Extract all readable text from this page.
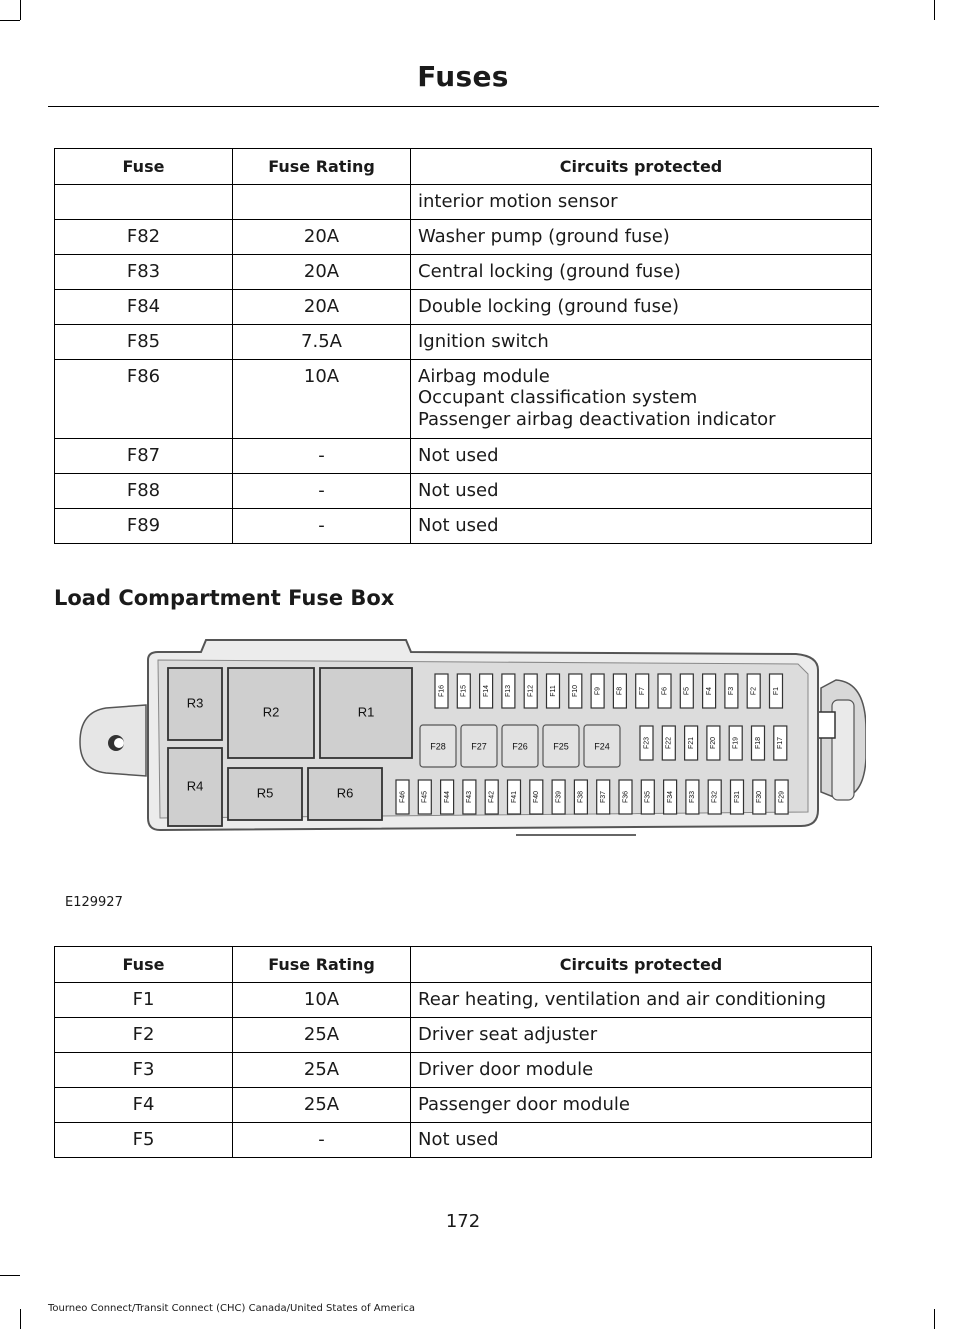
Fuses
Fuse	Fuse Rating	Circuits protected

		interior motion sensor

F82	20A	Washer pump (ground fuse)

F83	20A	Central locking (ground fuse)

F84	20A	Double locking (ground fuse)

F85	7.5A	Ignition switch

F86	10A	Airbag module
Occupant classification system
Passenger airbag deactivation indicator

F87	-	Not used

F88	-	Not used

F89	-	Not used
Load Compartment Fuse Box
R3
R2	R1
R4	R5	R6
F16 F15 F14 F13 F12 F11 F10 F9 F8 F7 F6 F5 F4 F3 F2 F1
F28	F27	F26	F25	F24	F23 F22 F21 F20 F19 F18 F17
F46 F45 F44 F43 F42 F41 F40 F39 F38 F37 F36 F35 F34 F33 F32 F31 F30 F29
E129927
Fuse	Fuse Rating	Circuits protected
F1	10A	Rear heating, ventilation and air conditioning

F2	25A	Driver seat adjuster

F3	25A	Driver door module

F4	25A	Passenger door module

F5	-	Not used
172
Tourneo Connect/Transit Connect (CHC) Canada/United States of America
